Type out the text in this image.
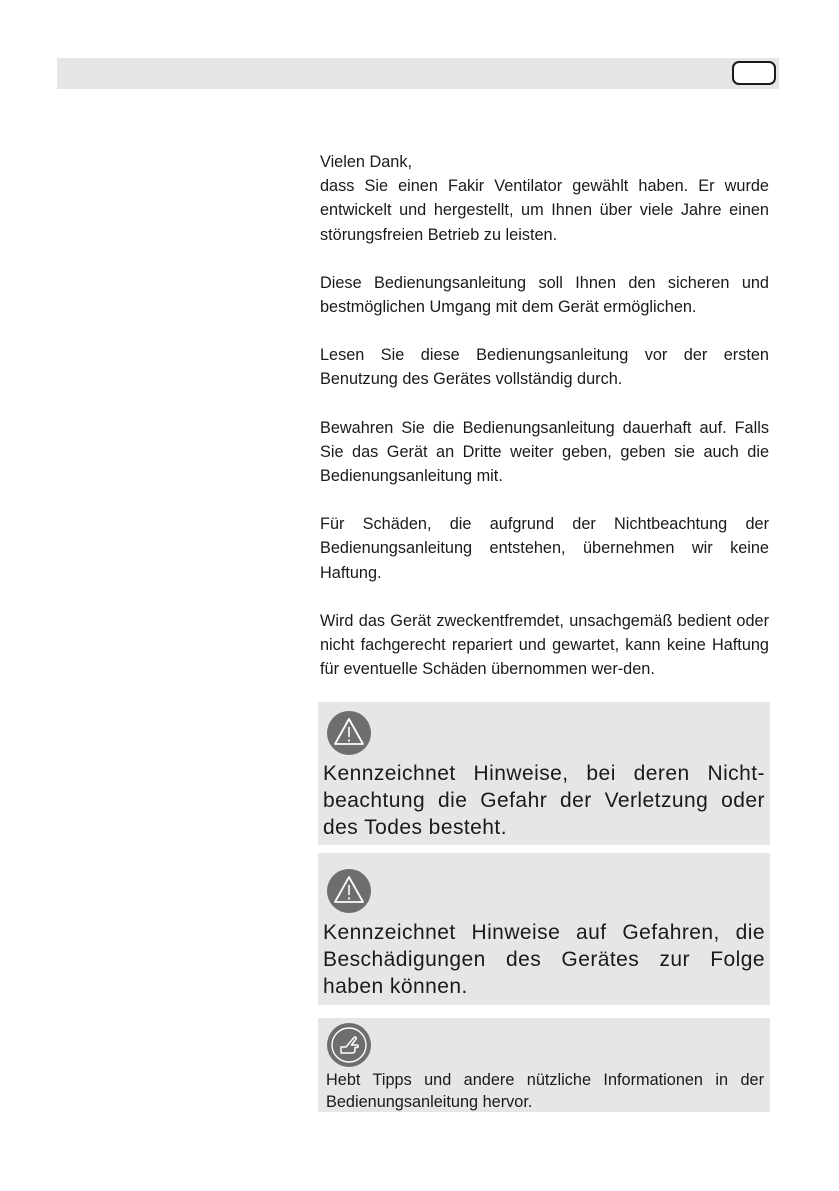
Vielen Dank,
dass Sie einen Fakir Ventilator gewählt haben. Er wurde entwickelt und hergestellt, um Ihnen über viele Jahre einen störungsfreien Betrieb zu leisten.

Diese Bedienungsanleitung soll Ihnen den sicheren und bestmöglichen Umgang mit dem Gerät ermöglichen.

Lesen Sie diese Bedienungsanleitung vor der ersten Benutzung des Gerätes vollständig durch.

Bewahren Sie die Bedienungsanleitung dauerhaft auf. Falls Sie das Gerät an Dritte weiter geben, geben sie auch die Bedienungsanleitung mit.

Für Schäden, die aufgrund der Nichtbeachtung der Bedienungsanleitung entstehen, übernehmen wir keine Haftung.

Wird das Gerät zweckentfremdet, unsachgemäß bedient oder nicht fachgerecht repariert und gewartet, kann keine Haftung für eventuelle Schäden übernommen wer-den.

Kennzeichnet Hinweise, bei deren Nicht-beachtung die Gefahr der Verletzung oder des Todes besteht.

Kennzeichnet Hinweise auf Gefahren, die Beschädigungen des Gerätes zur Folge haben können.

Hebt Tipps und andere nützliche Informationen in der Bedienungsanleitung hervor.
